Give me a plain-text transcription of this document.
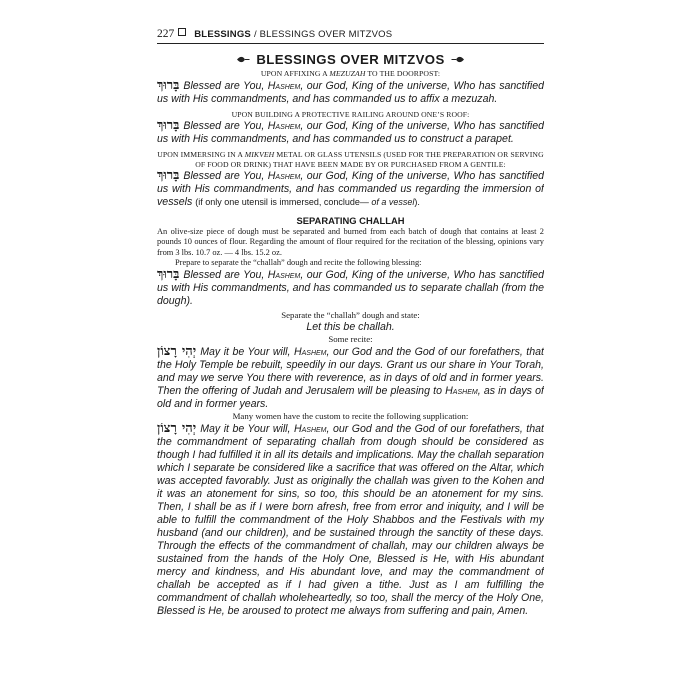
227 BLESSINGS / BLESSINGS OVER MITZVOS
BLESSINGS OVER MITZVOS
UPON AFFIXING A MEZUZAH TO THE DOORPOST:
בָּרוּךְ Blessed are You, Hashem, our God, King of the universe, Who has sanctified us with His commandments, and has commanded us to affix a mezuzah.
UPON BUILDING A PROTECTIVE RAILING AROUND ONE’S ROOF:
בָּרוּךְ Blessed are You, Hashem, our God, King of the universe, Who has sanctified us with His commandments, and has commanded us to construct a parapet.
UPON IMMERSING IN A MIKVEH METAL OR GLASS UTENSILS (USED FOR THE PREPARATION OR SERVING OF FOOD OR DRINK) THAT HAVE BEEN MADE BY OR PURCHASED FROM A GENTILE:
בָּרוּךְ Blessed are You, Hashem, our God, King of the universe, Who has sanctified us with His commandments, and has commanded us regarding the immersion of vessels (if only one utensil is immersed, conclude— of a vessel).
SEPARATING CHALLAH
An olive-size piece of dough must be separated and burned from each batch of dough that contains at least 2 pounds 10 ounces of flour. Regarding the amount of flour required for the recitation of the blessing, opinions vary from 3 lbs. 10.7 oz. — 4 lbs. 15.2 oz.
Prepare to separate the “challah” dough and recite the following blessing:
בָּרוּךְ Blessed are You, Hashem, our God, King of the universe, Who has sanctified us with His commandments, and has commanded us to separate challah (from the dough).
Separate the “challah” dough and state:
Let this be challah.
Some recite:
יְהִי רָצוֹן May it be Your will, Hashem, our God and the God of our forefathers, that the Holy Temple be rebuilt, speedily in our days. Grant us our share in Your Torah, and may we serve You there with reverence, as in days of old and in former years. Then the offering of Judah and Jerusalem will be pleasing to Hashem, as in days of old and in former years.
Many women have the custom to recite the following supplication:
יְהִי רָצוֹן May it be Your will, Hashem, our God and the God of our forefathers, that the commandment of separating challah from dough should be considered as though I had fulfilled it in all its details and implications. May the challah separation which I separate be considered like a sacrifice that was offered on the Altar, which was accepted favorably. Just as originally the challah was given to the Kohen and it was an atonement for sins, so too, this should be an atonement for my sins. Then, I shall be as if I were born afresh, free from error and iniquity, and I will be able to fulfill the commandment of the Holy Shabbos and the Festivals with my husband (and our children), and be sustained through the sanctity of these days. Through the effects of the commandment of challah, may our children always be sustained from the hands of the Holy One, Blessed is He, with His abundant mercy and kindness, and His abundant love, and may the commandment of challah be accepted as if I had given a tithe. Just as I am fulfilling the commandment of challah wholeheartedly, so too, shall the mercy of the Holy One, Blessed is He, be aroused to protect me always from suffering and pain, Amen.
